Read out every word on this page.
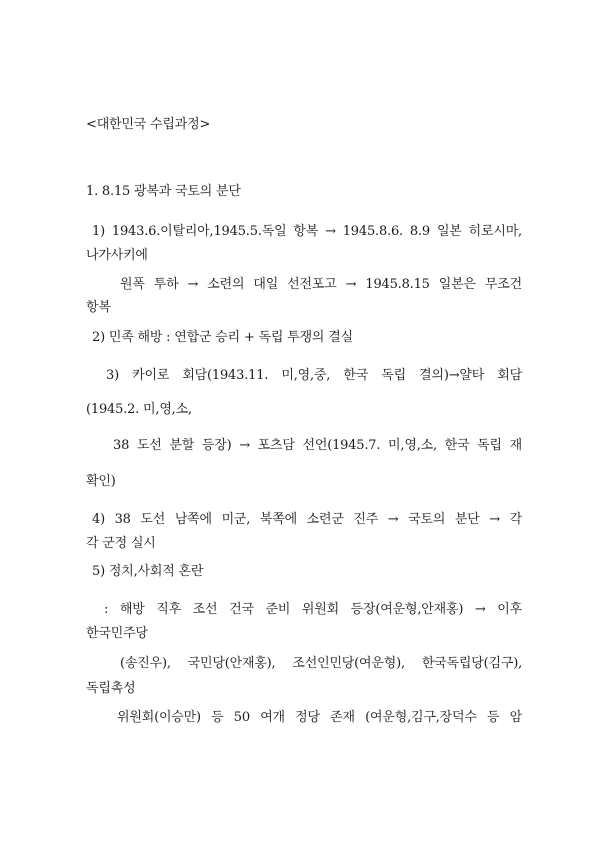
<대한민국 수립과정>
1. 8.15 광복과 국토의 분단
1) 1943.6.이탈리아,1945.5.독일 항복 → 1945.8.6. 8.9 일본 히로시마,
나가사키에
원폭 투하 → 소련의 대일 선전포고 → 1945.8.15 일본은 무조건
항복
2) 민족 해방 : 연합군 승리 + 독립 투쟁의 결실
3) 카이로 회담(1943.11. 미,영,중, 한국 독립 결의)→얄타 회담
(1945.2. 미,영,소,
38 도선 분할 등장) → 포츠담 선언(1945.7. 미,영,소, 한국 독립 재
확인)
4) 38 도선 남쪽에 미군, 북쪽에 소련군 진주 → 국토의 분단 → 각
각 군정 실시
5) 정치,사회적 혼란
: 해방 직후 조선 건국 준비 위원회 등장(여운형,안재홍) → 이후
한국민주당
(송진우), 국민당(안재홍), 조선인민당(여운형), 한국독립당(김구),
독립촉성
위원회(이승만) 등 50 여개 정당 존재 (여운형,김구,장덕수 등 암
